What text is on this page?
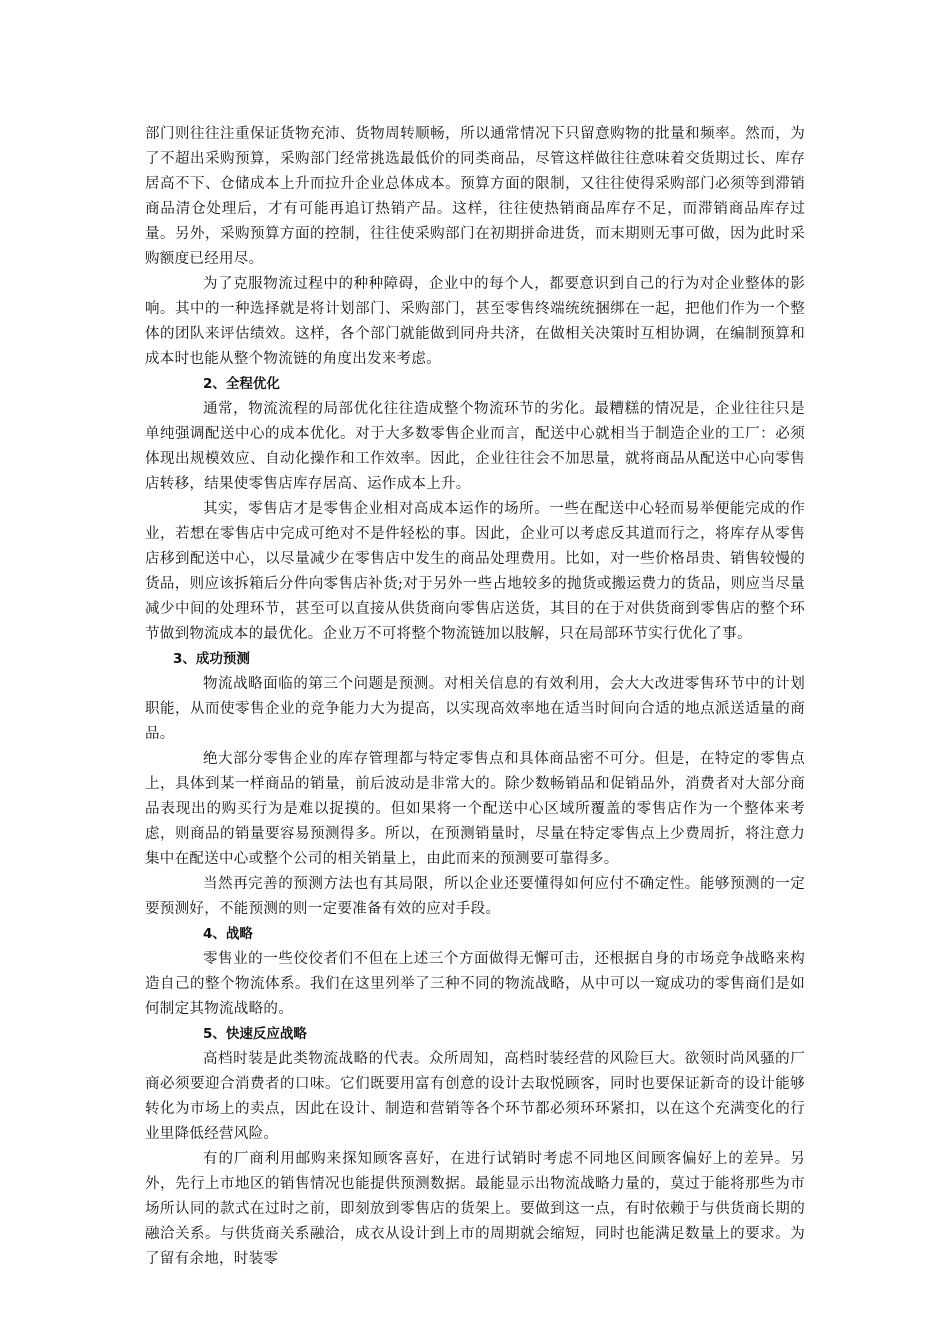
部门则往往注重保证货物充沛、货物周转顺畅，所以通常情况下只留意购物的批量和频率。然而，为了不超出采购预算，采购部门经常挑选最低价的同类商品，尽管这样做往往意味着交货期过长、库存居高不下、仓储成本上升而拉升企业总体成本。预算方面的限制，又往往使得采购部门必须等到滞销商品清仓处理后，才有可能再追订热销产品。这样，往往使热销商品库存不足，而滞销商品库存过量。另外，采购预算方面的控制，往往使采购部门在初期拼命进货，而末期则无事可做，因为此时采购额度已经用尽。

为了克服物流过程中的种种障碍，企业中的每个人，都要意识到自己的行为对企业整体的影响。其中的一种选择就是将计划部门、采购部门，甚至零售终端统统捆绑在一起，把他们作为一个整体的团队来评估绩效。这样，各个部门就能做到同舟共济，在做相关决策时互相协调，在编制预算和成本时也能从整个物流链的角度出发来考虑。

2、全程优化

通常，物流流程的局部优化往往造成整个物流环节的劣化。最糟糕的情况是，企业往往只是单纯强调配送中心的成本优化。对于大多数零售企业而言，配送中心就相当于制造企业的工厂：必须体现出规模效应、自动化操作和工作效率。因此，企业往往会不加思量，就将商品从配送中心向零售店转移，结果使零售店库存居高、运作成本上升。

其实，零售店才是零售企业相对高成本运作的场所。一些在配送中心轻而易举便能完成的作业，若想在零售店中完成可绝对不是件轻松的事。因此，企业可以考虑反其道而行之，将库存从零售店移到配送中心，以尽量减少在零售店中发生的商品处理费用。比如，对一些价格昂贵、销售较慢的货品，则应该拆箱后分件向零售店补货;对于另外一些占地较多的抛货或搬运费力的货品，则应当尽量减少中间的处理环节，甚至可以直接从供货商向零售店送货，其目的在于对供货商到零售店的整个环节做到物流成本的最优化。企业万不可将整个物流链加以肢解，只在局部环节实行优化了事。

3、成功预测

物流战略面临的第三个问题是预测。对相关信息的有效利用，会大大改进零售环节中的计划职能，从而使零售企业的竞争能力大为提高，以实现高效率地在适当时间向合适的地点派送适量的商品。

绝大部分零售企业的库存管理都与特定零售点和具体商品密不可分。但是，在特定的零售点上，具体到某一样商品的销量，前后波动是非常大的。除少数畅销品和促销品外，消费者对大部分商品表现出的购买行为是难以捉摸的。但如果将一个配送中心区域所覆盖的零售店作为一个整体来考虑，则商品的销量要容易预测得多。所以，在预测销量时，尽量在特定零售点上少费周折，将注意力集中在配送中心或整个公司的相关销量上，由此而来的预测要可靠得多。

当然再完善的预测方法也有其局限，所以企业还要懂得如何应付不确定性。能够预测的一定要预测好，不能预测的则一定要准备有效的应对手段。

4、战略

零售业的一些佼佼者们不但在上述三个方面做得无懈可击，还根据自身的市场竞争战略来构造自己的整个物流体系。我们在这里列举了三种不同的物流战略，从中可以一窥成功的零售商们是如何制定其物流战略的。

5、快速反应战略

高档时装是此类物流战略的代表。众所周知，高档时装经营的风险巨大。欲领时尚风骚的厂商必须要迎合消费者的口味。它们既要用富有创意的设计去取悦顾客，同时也要保证新奇的设计能够转化为市场上的卖点，因此在设计、制造和营销等各个环节都必须环环紧扣，以在这个充满变化的行业里降低经营风险。

有的厂商利用邮购来探知顾客喜好，在进行试销时考虑不同地区间顾客偏好上的差异。另外，先行上市地区的销售情况也能提供预测数据。最能显示出物流战略力量的，莫过于能将那些为市场所认同的款式在过时之前，即刻放到零售店的货架上。要做到这一点，有时依赖于与供货商长期的融洽关系。与供货商关系融洽，成衣从设计到上市的周期就会缩短，同时也能满足数量上的要求。为了留有余地，时装零
